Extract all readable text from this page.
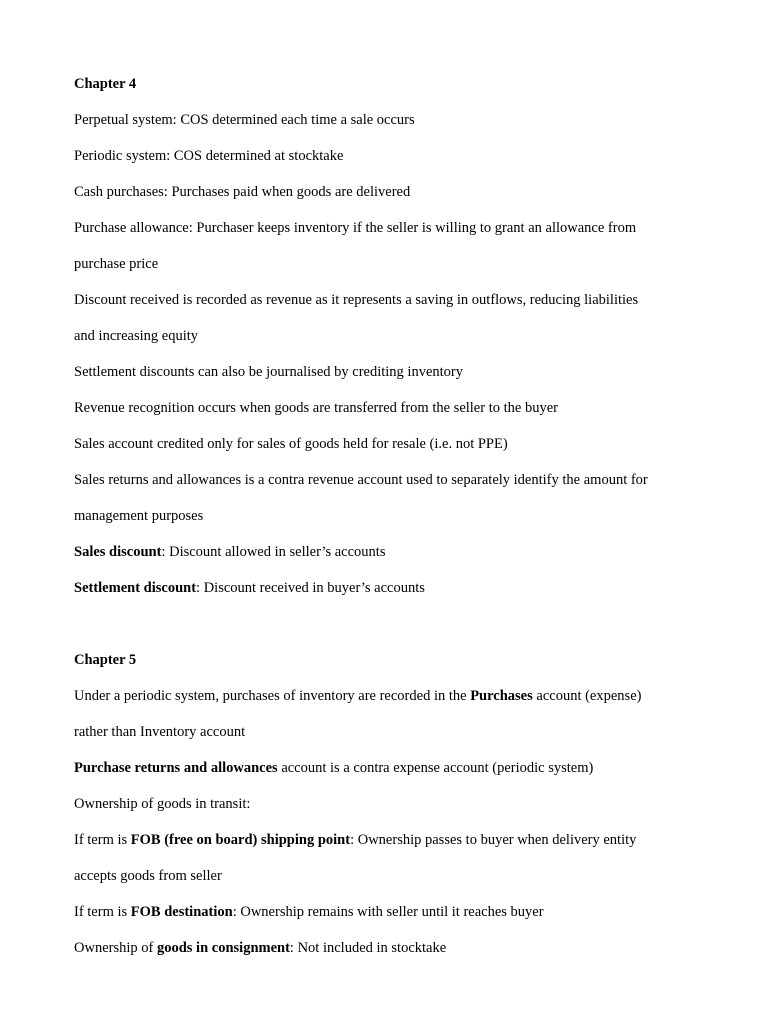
Chapter 4
Perpetual system: COS determined each time a sale occurs
Periodic system: COS determined at stocktake
Cash purchases: Purchases paid when goods are delivered
Purchase allowance: Purchaser keeps inventory if the seller is willing to grant an allowance from
purchase price
Discount received is recorded as revenue as it represents a saving in outflows, reducing liabilities
and increasing equity
Settlement discounts can also be journalised by crediting inventory
Revenue recognition occurs when goods are transferred from the seller to the buyer
Sales account credited only for sales of goods held for resale (i.e. not PPE)
Sales returns and allowances is a contra revenue account used to separately identify the amount for
management purposes
Sales discount: Discount allowed in seller’s accounts
Settlement discount: Discount received in buyer’s accounts
Chapter 5
Under a periodic system, purchases of inventory are recorded in the Purchases account (expense)
rather than Inventory account
Purchase returns and allowances account is a contra expense account (periodic system)
Ownership of goods in transit:
If term is FOB (free on board) shipping point: Ownership passes to buyer when delivery entity
accepts goods from seller
If term is FOB destination: Ownership remains with seller until it reaches buyer
Ownership of goods in consignment: Not included in stocktake
